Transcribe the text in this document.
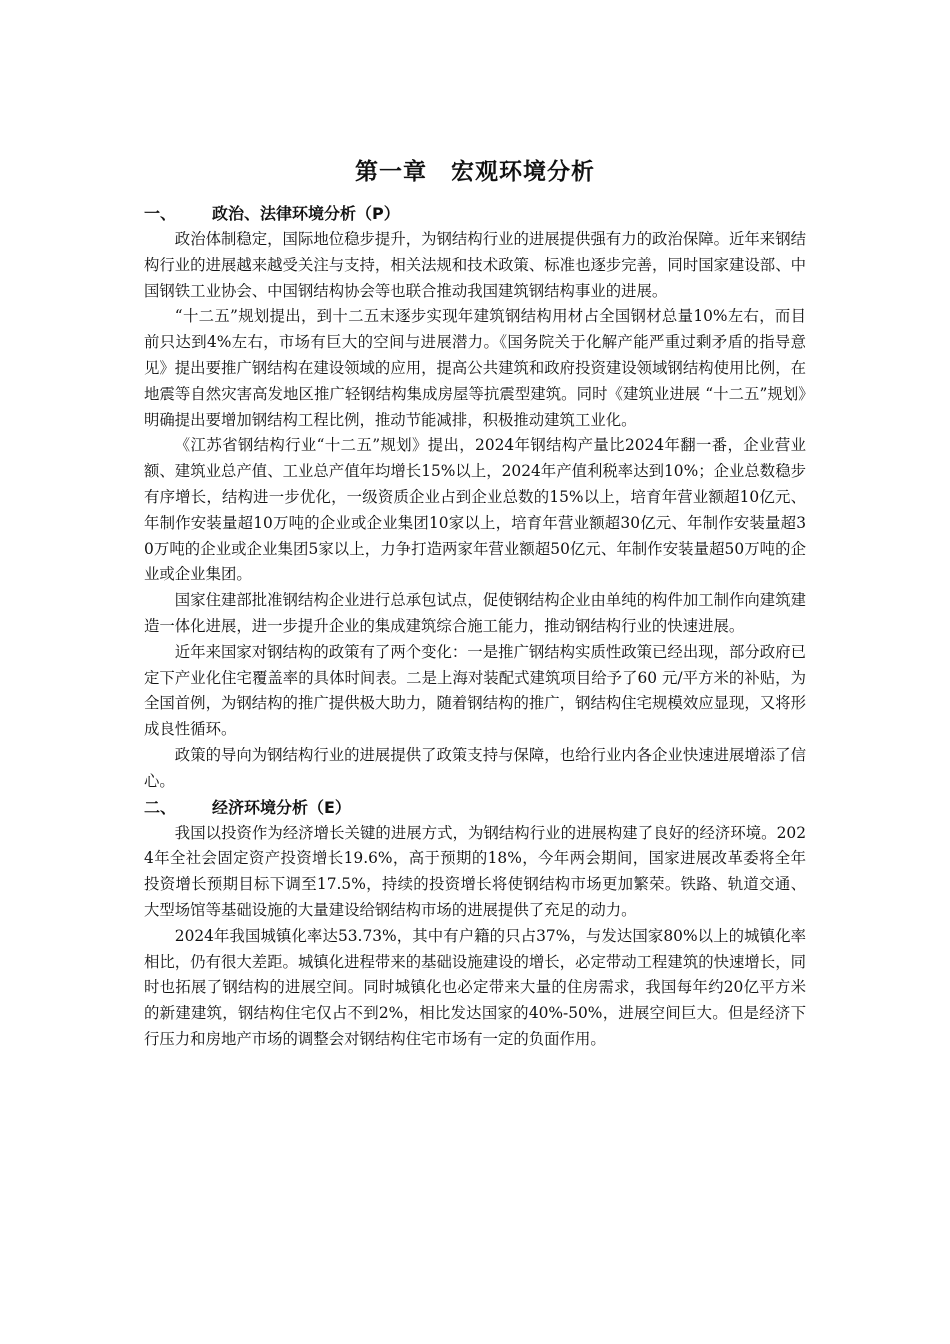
第一章　宏观环境分析
一、	政治、法律环境分析（P）

政治体制稳定，国际地位稳步提升，为钢结构行业的进展提供强有力的政治保障。近年来钢结构行业的进展越来越受关注与支持，相关法规和技术政策、标准也逐步完善，同时国家建设部、中国钢铁工业协会、中国钢结构协会等也联合推动我国建筑钢结构事业的进展。

“十二五”规划提出，到十二五末逐步实现年建筑钢结构用材占全国钢材总量10%左右，而目前只达到4%左右，市场有巨大的空间与进展潜力。《国务院关于化解产能严重过剩矛盾的指导意见》提出要推广钢结构在建设领域的应用，提高公共建筑和政府投资建设领域钢结构使用比例，在地震等自然灾害高发地区推广轻钢结构集成房屋等抗震型建筑。同时《建筑业进展 “十二五”规划》明确提出要增加钢结构工程比例，推动节能减排，积极推动建筑工业化。

《江苏省钢结构行业“十二五”规划》提出，2024年钢结构产量比2024年翻一番，企业营业额、建筑业总产值、工业总产值年均增长15%以上，2024年产值利税率达到10%；企业总数稳步有序增长，结构进一步优化，一级资质企业占到企业总数的15%以上，培育年营业额超10亿元、年制作安装量超10万吨的企业或企业集团10家以上，培育年营业额超30亿元、年制作安装量超30万吨的企业或企业集团5家以上，力争打造两家年营业额超50亿元、年制作安装量超50万吨的企业或企业集团。

国家住建部批准钢结构企业进行总承包试点，促使钢结构企业由单纯的构件加工制作向建筑建造一体化进展，进一步提升企业的集成建筑综合施工能力，推动钢结构行业的快速进展。

近年来国家对钢结构的政策有了两个变化：一是推广钢结构实质性政策已经出现，部分政府已定下产业化住宅覆盖率的具体时间表。二是上海对装配式建筑项目给予了60 元/平方米的补贴，为全国首例，为钢结构的推广提供极大助力，随着钢结构的推广，钢结构住宅规模效应显现，又将形成良性循环。

政策的导向为钢结构行业的进展提供了政策支持与保障，也给行业内各企业快速进展增添了信心。

二、	经济环境分析（E）

我国以投资作为经济增长关键的进展方式，为钢结构行业的进展构建了良好的经济环境。2024年全社会固定资产投资增长19.6%，高于预期的18%，今年两会期间，国家进展改革委将全年投资增长预期目标下调至17.5%，持续的投资增长将使钢结构市场更加繁荣。铁路、轨道交通、大型场馆等基础设施的大量建设给钢结构市场的进展提供了充足的动力。

2024年我国城镇化率达53.73%，其中有户籍的只占37%，与发达国家80%以上的城镇化率相比，仍有很大差距。城镇化进程带来的基础设施建设的增长，必定带动工程建筑的快速增长，同时也拓展了钢结构的进展空间。同时城镇化也必定带来大量的住房需求，我国每年约20亿平方米的新建建筑，钢结构住宅仅占不到2%，相比发达国家的40%-50%，进展空间巨大。但是经济下行压力和房地产市场的调整会对钢结构住宅市场有一定的负面作用。
